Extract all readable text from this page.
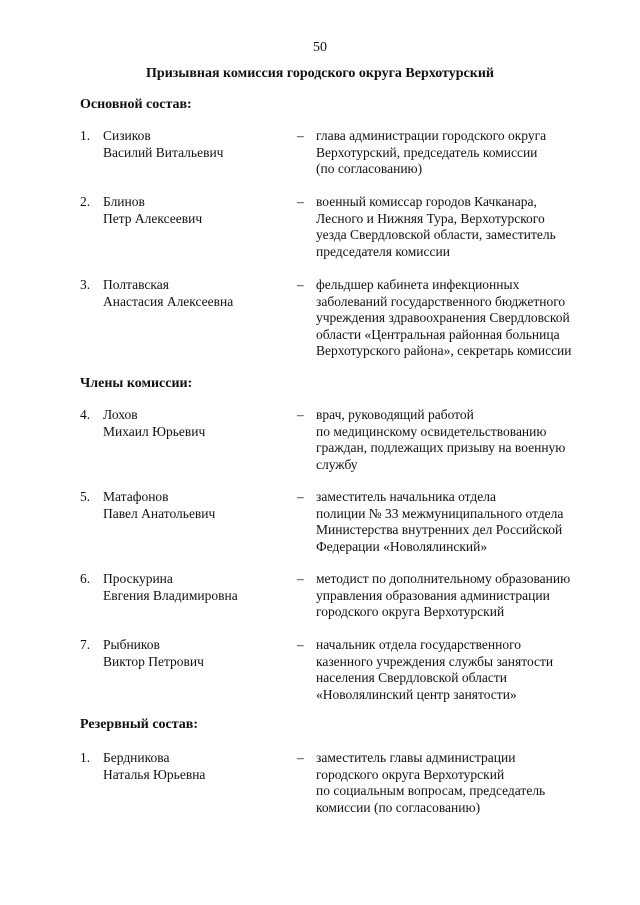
50
Призывная комиссия городского округа Верхотурский
Основной состав:
1. Сизиков
Василий Витальевич
– глава администрации городского округа
Верхотурский, председатель комиссии
(по согласованию)
2. Блинов
Петр Алексеевич
– военный комиссар городов Качканара,
Лесного и Нижняя Тура, Верхотурского
уезда Свердловской области, заместитель
председателя комиссии
3. Полтавская
Анастасия Алексеевна
– фельдшер кабинета инфекционных
заболеваний государственного бюджетного
учреждения здравоохранения Свердловской
области «Центральная районная больница
Верхотурского района», секретарь комиссии
Члены комиссии:
4. Лохов
Михаил Юрьевич
– врач, руководящий работой
по медицинскому освидетельствованию
граждан, подлежащих призыву на военную
службу
5. Матафонов
Павел Анатольевич
– заместитель начальника отдела
полиции № 33 межмуниципального отдела
Министерства внутренних дел Российской
Федерации «Новолялинский»
6. Проскурина
Евгения Владимировна
– методист по дополнительному образованию
управления образования администрации
городского округа Верхотурский
7. Рыбников
Виктор Петрович
– начальник отдела государственного
казенного учреждения службы занятости
населения Свердловской области
«Новолялинский центр занятости»
Резервный состав:
1. Бердникова
Наталья Юрьевна
– заместитель главы администрации
городского округа Верхотурский
по социальным вопросам, председатель
комиссии (по согласованию)
